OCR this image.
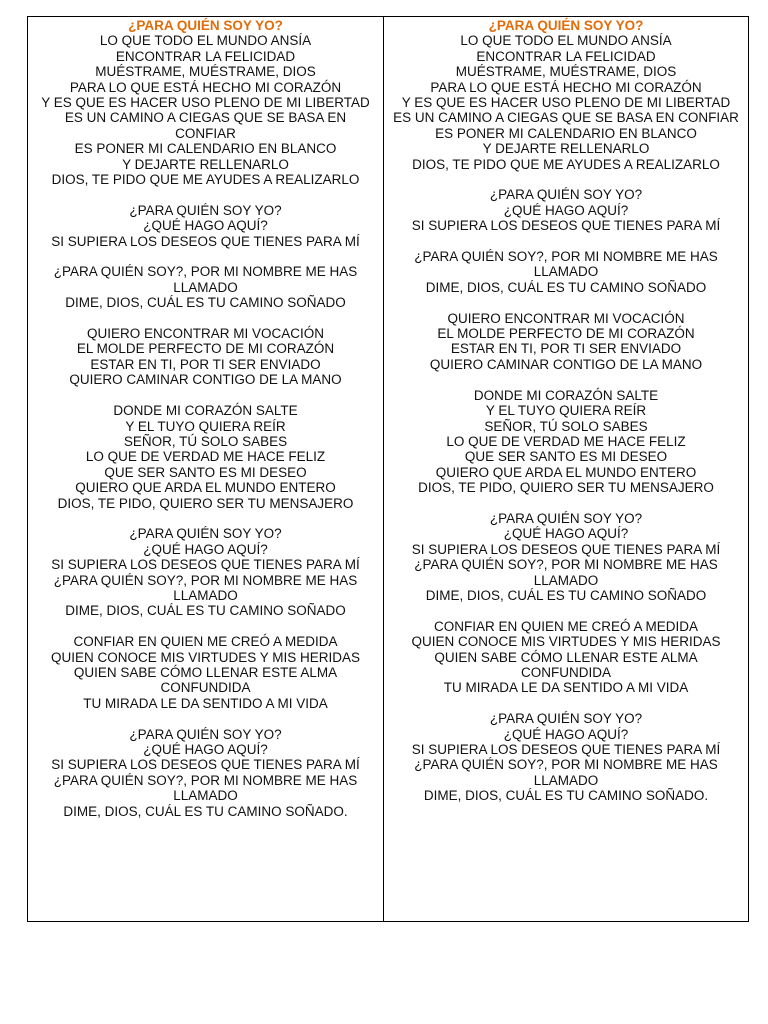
¿PARA QUIÉN SOY YO?

LO QUE TODO EL MUNDO ANSÍA

ENCONTRAR LA FELICIDAD

MUÉSTRAME, MUÉSTRAME, DIOS

PARA LO QUE ESTÁ HECHO MI CORAZÓN

Y ES QUE ES HACER USO PLENO DE MI LIBERTAD

ES UN CAMINO A CIEGAS QUE SE BASA EN CONFIAR

ES PONER MI CALENDARIO EN BLANCO

Y DEJARTE RELLENARLO

DIOS, TE PIDO QUE ME AYUDES A REALIZARLO

¿PARA QUIÉN SOY YO?

¿QUÉ HAGO AQUÍ?

SI SUPIERA LOS DESEOS QUE TIENES PARA MÍ

¿PARA QUIÉN SOY?, POR MI NOMBRE ME HAS LLAMADO

DIME, DIOS, CUÁL ES TU CAMINO SOÑADO

QUIERO ENCONTRAR MI VOCACIÓN

EL MOLDE PERFECTO DE MI CORAZÓN

ESTAR EN TI, POR TI SER ENVIADO

QUIERO CAMINAR CONTIGO DE LA MANO

DONDE MI CORAZÓN SALTE

Y EL TUYO QUIERA REÍR

SEÑOR, TÚ SOLO SABES

LO QUE DE VERDAD ME HACE FELIZ

QUE SER SANTO ES MI DESEO

QUIERO QUE ARDA EL MUNDO ENTERO

DIOS, TE PIDO, QUIERO SER TU MENSAJERO

¿PARA QUIÉN SOY YO?

¿QUÉ HAGO AQUÍ?

SI SUPIERA LOS DESEOS QUE TIENES PARA MÍ

¿PARA QUIÉN SOY?, POR MI NOMBRE ME HAS LLAMADO

DIME, DIOS, CUÁL ES TU CAMINO SOÑADO

CONFIAR EN QUIEN ME CREÓ A MEDIDA

QUIEN CONOCE MIS VIRTUDES Y MIS HERIDAS

QUIEN SABE CÓMO LLENAR ESTE ALMA CONFUNDIDA

TU MIRADA LE DA SENTIDO A MI VIDA

¿PARA QUIÉN SOY YO?

¿QUÉ HAGO AQUÍ?

SI SUPIERA LOS DESEOS QUE TIENES PARA MÍ

¿PARA QUIÉN SOY?, POR MI NOMBRE ME HAS LLAMADO

DIME, DIOS, CUÁL ES TU CAMINO SOÑADO.

¿PARA QUIÉN SOY YO?

LO QUE TODO EL MUNDO ANSÍA

ENCONTRAR LA FELICIDAD

MUÉSTRAME, MUÉSTRAME, DIOS

PARA LO QUE ESTÁ HECHO MI CORAZÓN

Y ES QUE ES HACER USO PLENO DE MI LIBERTAD

ES UN CAMINO A CIEGAS QUE SE BASA EN CONFIAR

ES PONER MI CALENDARIO EN BLANCO

Y DEJARTE RELLENARLO

DIOS, TE PIDO QUE ME AYUDES A REALIZARLO

¿PARA QUIÉN SOY YO?

¿QUÉ HAGO AQUÍ?

SI SUPIERA LOS DESEOS QUE TIENES PARA MÍ

¿PARA QUIÉN SOY?, POR MI NOMBRE ME HAS LLAMADO

DIME, DIOS, CUÁL ES TU CAMINO SOÑADO

QUIERO ENCONTRAR MI VOCACIÓN

EL MOLDE PERFECTO DE MI CORAZÓN

ESTAR EN TI, POR TI SER ENVIADO

QUIERO CAMINAR CONTIGO DE LA MANO

DONDE MI CORAZÓN SALTE

Y EL TUYO QUIERA REÍR

SEÑOR, TÚ SOLO SABES

LO QUE DE VERDAD ME HACE FELIZ

QUE SER SANTO ES MI DESEO

QUIERO QUE ARDA EL MUNDO ENTERO

DIOS, TE PIDO, QUIERO SER TU MENSAJERO

¿PARA QUIÉN SOY YO?

¿QUÉ HAGO AQUÍ?

SI SUPIERA LOS DESEOS QUE TIENES PARA MÍ

¿PARA QUIÉN SOY?, POR MI NOMBRE ME HAS LLAMADO

DIME, DIOS, CUÁL ES TU CAMINO SOÑADO

CONFIAR EN QUIEN ME CREÓ A MEDIDA

QUIEN CONOCE MIS VIRTUDES Y MIS HERIDAS

QUIEN SABE CÓMO LLENAR ESTE ALMA CONFUNDIDA

TU MIRADA LE DA SENTIDO A MI VIDA

¿PARA QUIÉN SOY YO?

¿QUÉ HAGO AQUÍ?

SI SUPIERA LOS DESEOS QUE TIENES PARA MÍ

¿PARA QUIÉN SOY?, POR MI NOMBRE ME HAS LLAMADO

DIME, DIOS, CUÁL ES TU CAMINO SOÑADO.
